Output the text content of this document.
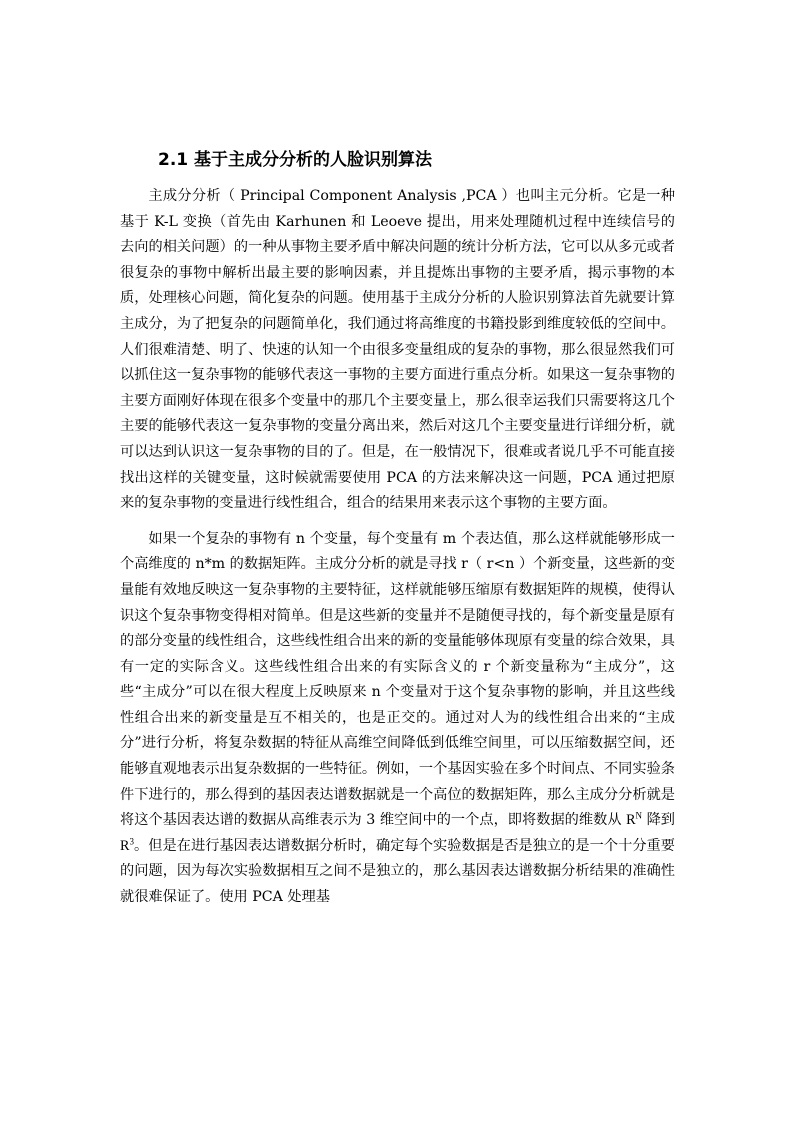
2.1 基于主成分分析的人脸识别算法

主成分分析（ Principal Component Analysis ,PCA ）也叫主元分析。它是一种基于 K-L 变换（首先由 Karhunen 和 Leoeve 提出，用来处理随机过程中连续信号的去向的相关问题）的一种从事物主要矛盾中解决问题的统计分析方法，它可以从多元或者很复杂的事物中解析出最主要的影响因素，并且提炼出事物的主要矛盾，揭示事物的本质，处理核心问题，简化复杂的问题。使用基于主成分分析的人脸识别算法首先就要计算主成分，为了把复杂的问题简单化，我们通过将高维度的书籍投影到维度较低的空间中。人们很难清楚、明了、快速的认知一个由很多变量组成的复杂的事物，那么很显然我们可以抓住这一复杂事物的能够代表这一事物的主要方面进行重点分析。如果这一复杂事物的主要方面刚好体现在很多个变量中的那几个主要变量上，那么很幸运我们只需要将这几个主要的能够代表这一复杂事物的变量分离出来，然后对这几个主要变量进行详细分析，就可以达到认识这一复杂事物的目的了。但是，在一般情况下，很难或者说几乎不可能直接找出这样的关键变量，这时候就需要使用 PCA 的方法来解决这一问题，PCA 通过把原来的复杂事物的变量进行线性组合，组合的结果用来表示这个事物的主要方面。

如果一个复杂的事物有 n 个变量，每个变量有 m 个表达值，那么这样就能够形成一个高维度的 n*m 的数据矩阵。主成分分析的就是寻找 r（ r<n ）个新变量，这些新的变量能有效地反映这一复杂事物的主要特征，这样就能够压缩原有数据矩阵的规模，使得认识这个复杂事物变得相对简单。但是这些新的变量并不是随便寻找的，每个新变量是原有的部分变量的线性组合，这些线性组合出来的新的变量能够体现原有变量的综合效果，具有一定的实际含义。这些线性组合出来的有实际含义的 r 个新变量称为“主成分”，这些“主成分”可以在很大程度上反映原来 n 个变量对于这个复杂事物的影响，并且这些线性组合出来的新变量是互不相关的，也是正交的。通过对人为的线性组合出来的“主成分”进行分析，将复杂数据的特征从高维空间降低到低维空间里，可以压缩数据空间，还能够直观地表示出复杂数据的一些特征。例如，一个基因实验在多个时间点、不同实验条件下进行的，那么得到的基因表达谱数据就是一个高位的数据矩阵，那么主成分分析就是将这个基因表达谱的数据从高维表示为 3 维空间中的一个点，即将数据的维数从 $R^N$ 降到 $R^3$。但是在进行基因表达谱数据分析时，确定每个实验数据是否是独立的是一个十分重要的问题，因为每次实验数据相互之间不是独立的，那么基因表达谱数据分析结果的准确性就很难保证了。使用 PCA 处理基
